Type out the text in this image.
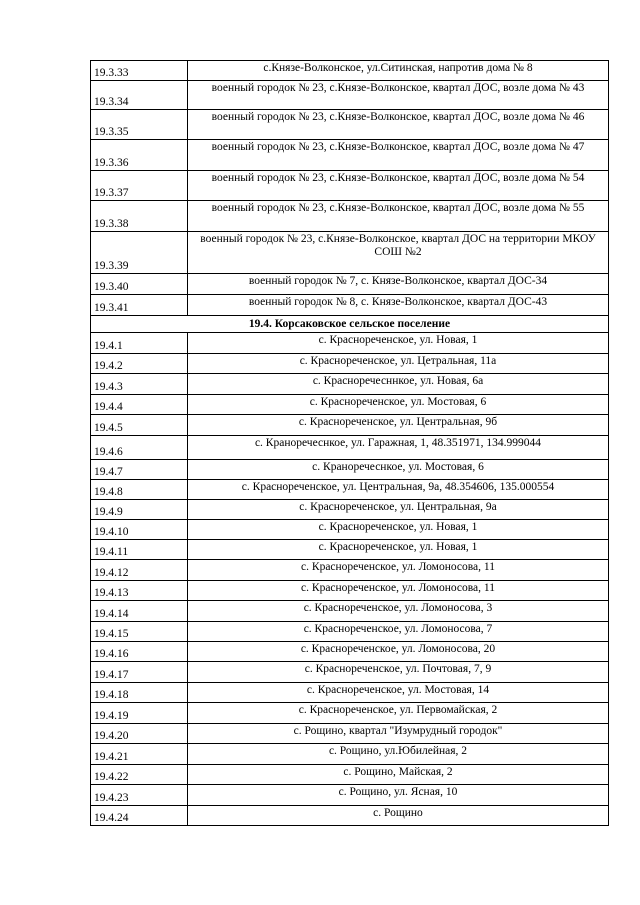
19.3.33	с.Князе-Волконское, ул.Ситинская, напротив дома № 8
19.3.34	военный городок № 23, с.Князе-Волконское, квартал ДОС, возле дома № 43
19.3.35	военный городок № 23, с.Князе-Волконское, квартал ДОС, возле дома № 46
19.3.36	военный городок № 23, с.Князе-Волконское, квартал ДОС, возле дома № 47
19.3.37	военный городок № 23, с.Князе-Волконское, квартал ДОС, возле дома № 54
19.3.38	военный городок № 23, с.Князе-Волконское, квартал ДОС, возле дома № 55
19.3.39	военный городок № 23, с.Князе-Волконское, квартал ДОС на территории МКОУ СОШ №2
19.3.40	военный городок № 7, с. Князе-Волконское, квартал ДОС-34
19.3.41	военный городок № 8, с. Князе-Волконское, квартал ДОС-43
19.4. Корсаковское сельское поселение	
19.4.1	с. Краснореченское, ул. Новая, 1
19.4.2	с. Краснореченское, ул. Цетральная, 11а
19.4.3	с. Красноречесннкое, ул. Новая, 6а
19.4.4	с. Краснореченское, ул. Мостовая, 6
19.4.5	с. Краснореченское, ул. Центральная, 9б
19.4.6	с. Краноречеснкое, ул. Гаражная, 1, 48.351971, 134.999044
19.4.7	с. Краноречеснкое, ул. Мостовая, 6
19.4.8	с. Краснореченское, ул. Центральная, 9а, 48.354606, 135.000554
19.4.9	с. Краснореченское, ул. Центральная, 9а
19.4.10	с. Краснореченское, ул. Новая, 1
19.4.11	с. Краснореченское, ул. Новая, 1
19.4.12	с. Краснореченское, ул. Ломоносова, 11
19.4.13	с. Краснореченское, ул. Ломоносова, 11
19.4.14	с. Краснореченское, ул. Ломоносова, 3
19.4.15	с. Краснореченское, ул. Ломоносова, 7
19.4.16	с. Краснореченское, ул. Ломоносова, 20
19.4.17	с. Краснореченское, ул. Почтовая, 7, 9
19.4.18	с. Краснореченское, ул. Мостовая, 14
19.4.19	с. Краснореченское, ул. Первомайская, 2
19.4.20	с. Рощино, квартал "Изумрудный городок"
19.4.21	с. Рощино, ул.Юбилейная, 2
19.4.22	с. Рощино, Майская, 2
19.4.23	с. Рощино, ул. Ясная, 10
19.4.24	с. Рощино
